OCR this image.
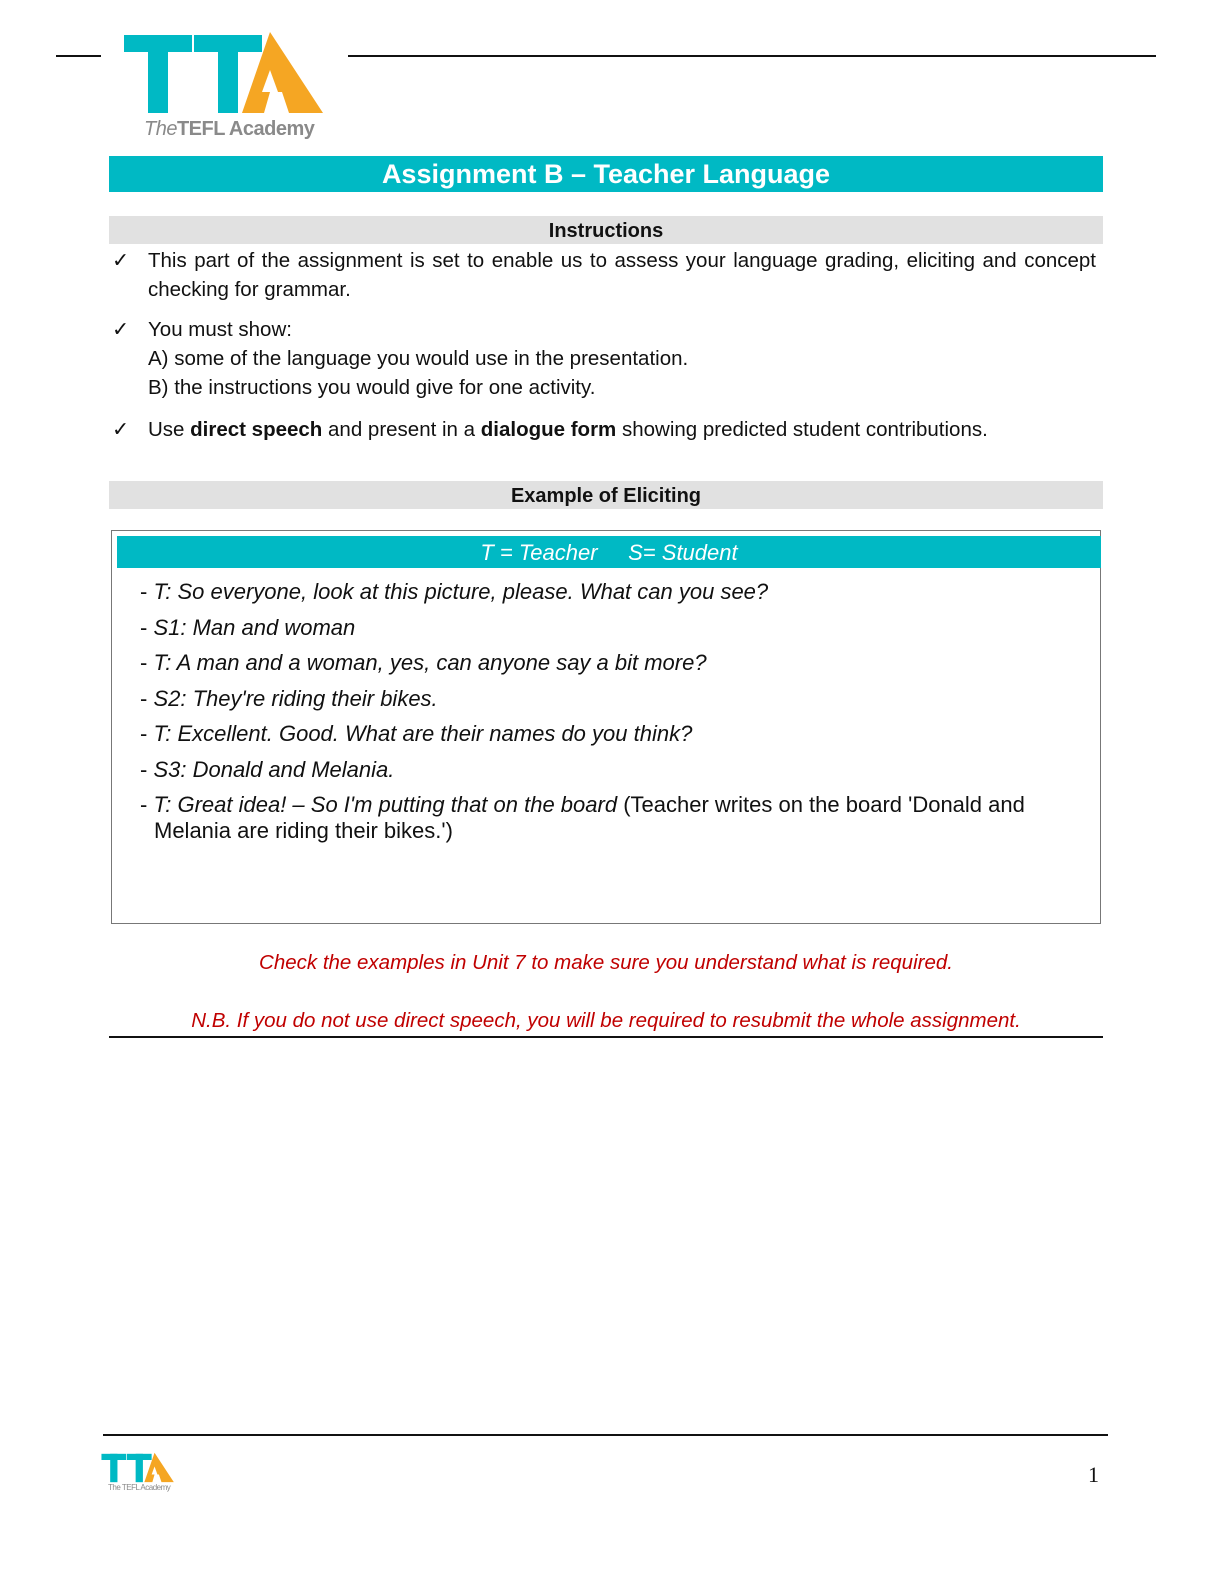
TheTEFL Academy
Assignment B – Teacher Language
Instructions
✓ This part of the assignment is set to enable us to assess your language grading, eliciting and concept checking for grammar.
✓ You must show:
A) some of the language you would use in the presentation.
B) the instructions you would give for one activity.
✓ Use direct speech and present in a dialogue form showing predicted student contributions.
Example of Eliciting
T = Teacher     S= Student
- T: So everyone, look at this picture, please. What can you see?
- S1: Man and woman
- T: A man and a woman, yes, can anyone say a bit more?
- S2: They're riding their bikes.
- T: Excellent. Good. What are their names do you think?
- S3: Donald and Melania.
- T: Great idea! – So I'm putting that on the board (Teacher writes on the board 'Donald and Melania are riding their bikes.')
Check the examples in Unit 7 to make sure you understand what is required.
N.B. If you do not use direct speech, you will be required to resubmit the whole assignment.
The TEFL Academy
1
